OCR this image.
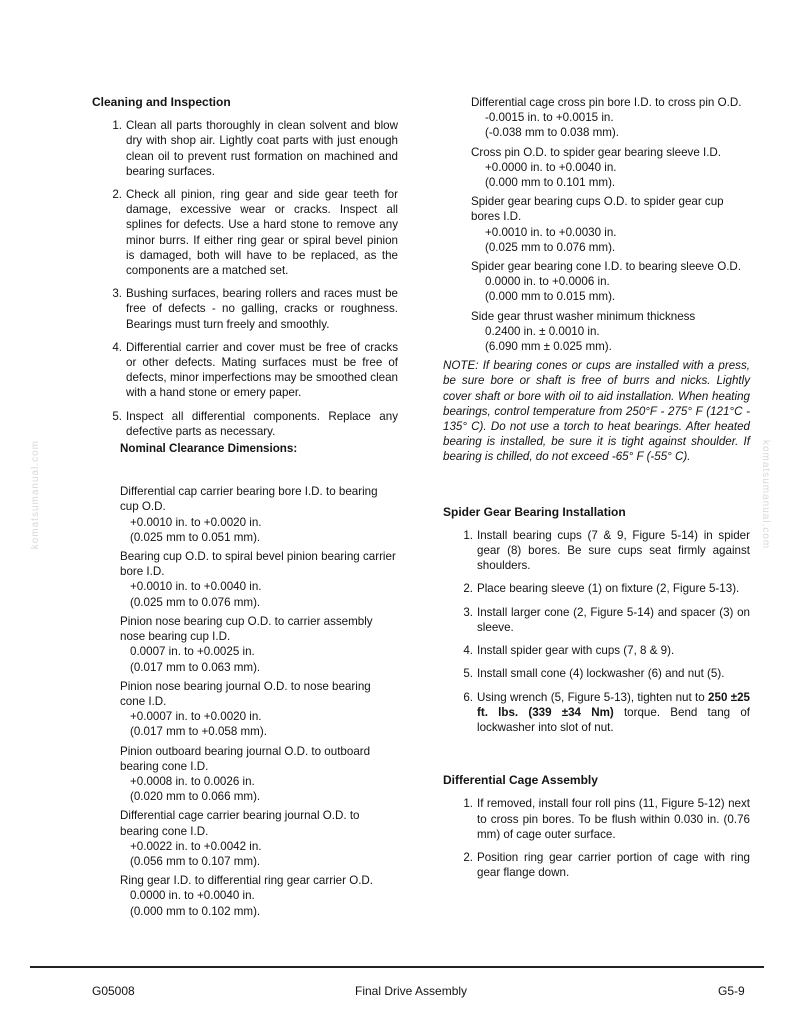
Cleaning and Inspection
1. Clean all parts thoroughly in clean solvent and blow dry with shop air. Lightly coat parts with just enough clean oil to prevent rust formation on machined and bearing surfaces.
2. Check all pinion, ring gear and side gear teeth for damage, excessive wear or cracks. Inspect all splines for defects. Use a hard stone to remove any minor burrs. If either ring gear or spiral bevel pinion is damaged, both will have to be replaced, as the components are a matched set.
3. Bushing surfaces, bearing rollers and races must be free of defects - no galling, cracks or roughness. Bearings must turn freely and smoothly.
4. Differential carrier and cover must be free of cracks or other defects. Mating surfaces must be free of defects, minor imperfections may be smoothed clean with a hand stone or emery paper.
5. Inspect all differential components. Replace any defective parts as necessary.
Nominal Clearance Dimensions:
Differential cap carrier bearing bore I.D. to bearing cup O.D.
+0.0010 in. to +0.0020 in.
(0.025 mm to 0.051 mm).
Bearing cup O.D. to spiral bevel pinion bearing carrier bore I.D.
+0.0010 in. to +0.0040 in.
(0.025 mm to 0.076 mm).
Pinion nose bearing cup O.D. to carrier assembly nose bearing cup I.D.
0.0007 in. to +0.0025 in.
(0.017 mm to 0.063 mm).
Pinion nose bearing journal O.D. to nose bearing cone I.D.
+0.0007 in. to +0.0020 in.
(0.017 mm to +0.058 mm).
Pinion outboard bearing journal O.D. to outboard bearing cone I.D.
+0.0008 in. to 0.0026 in.
(0.020 mm to 0.066 mm).
Differential cage carrier bearing journal O.D. to bearing cone I.D.
+0.0022 in. to +0.0042 in.
(0.056 mm to 0.107 mm).
Ring gear I.D. to differential ring gear carrier O.D.
0.0000 in. to +0.0040 in.
(0.000 mm to 0.102 mm).
Differential cage cross pin bore I.D. to cross pin O.D.
-0.0015 in. to +0.0015 in.
(-0.038 mm to 0.038 mm).
Cross pin O.D. to spider gear bearing sleeve I.D.
+0.0000 in. to +0.0040 in.
(0.000 mm to 0.101 mm).
Spider gear bearing cups O.D. to spider gear cup bores I.D.
+0.0010 in. to +0.0030 in.
(0.025 mm to 0.076 mm).
Spider gear bearing cone I.D. to bearing sleeve O.D.
0.0000 in. to +0.0006 in.
(0.000 mm to 0.015 mm).
Side gear thrust washer minimum thickness
0.2400 in. ± 0.0010 in.
(6.090 mm ± 0.025 mm).

NOTE: If bearing cones or cups are installed with a press, be sure bore or shaft is free of burrs and nicks. Lightly cover shaft or bore with oil to aid installation. When heating bearings, control temperature from 250°F - 275° F (121°C - 135° C). Do not use a torch to heat bearings. After heated bearing is installed, be sure it is tight against shoulder. If bearing is chilled, do not exceed -65° F (-55° C).

Spider Gear Bearing Installation
1. Install bearing cups (7 & 9, Figure 5-14) in spider gear (8) bores. Be sure cups seat firmly against shoulders.
2. Place bearing sleeve (1) on fixture (2, Figure 5-13).
3. Install larger cone (2, Figure 5-14) and spacer (3) on sleeve.
4. Install spider gear with cups (7, 8 & 9).
5. Install small cone (4) lockwasher (6) and nut (5).
6. Using wrench (5, Figure 5-13), tighten nut to 250 ±25 ft. lbs. (339 ±34 Nm) torque. Bend tang of lockwasher into slot of nut.
Differential Cage Assembly
1. If removed, install four roll pins (11, Figure 5-12) next to cross pin bores. To be flush within 0.030 in. (0.76 mm) of cage outer surface.
2. Position ring gear carrier portion of cage with ring gear flange down.
komatsumanual.com	komatsumanual.com
G05008	Final Drive Assembly	G5-9
